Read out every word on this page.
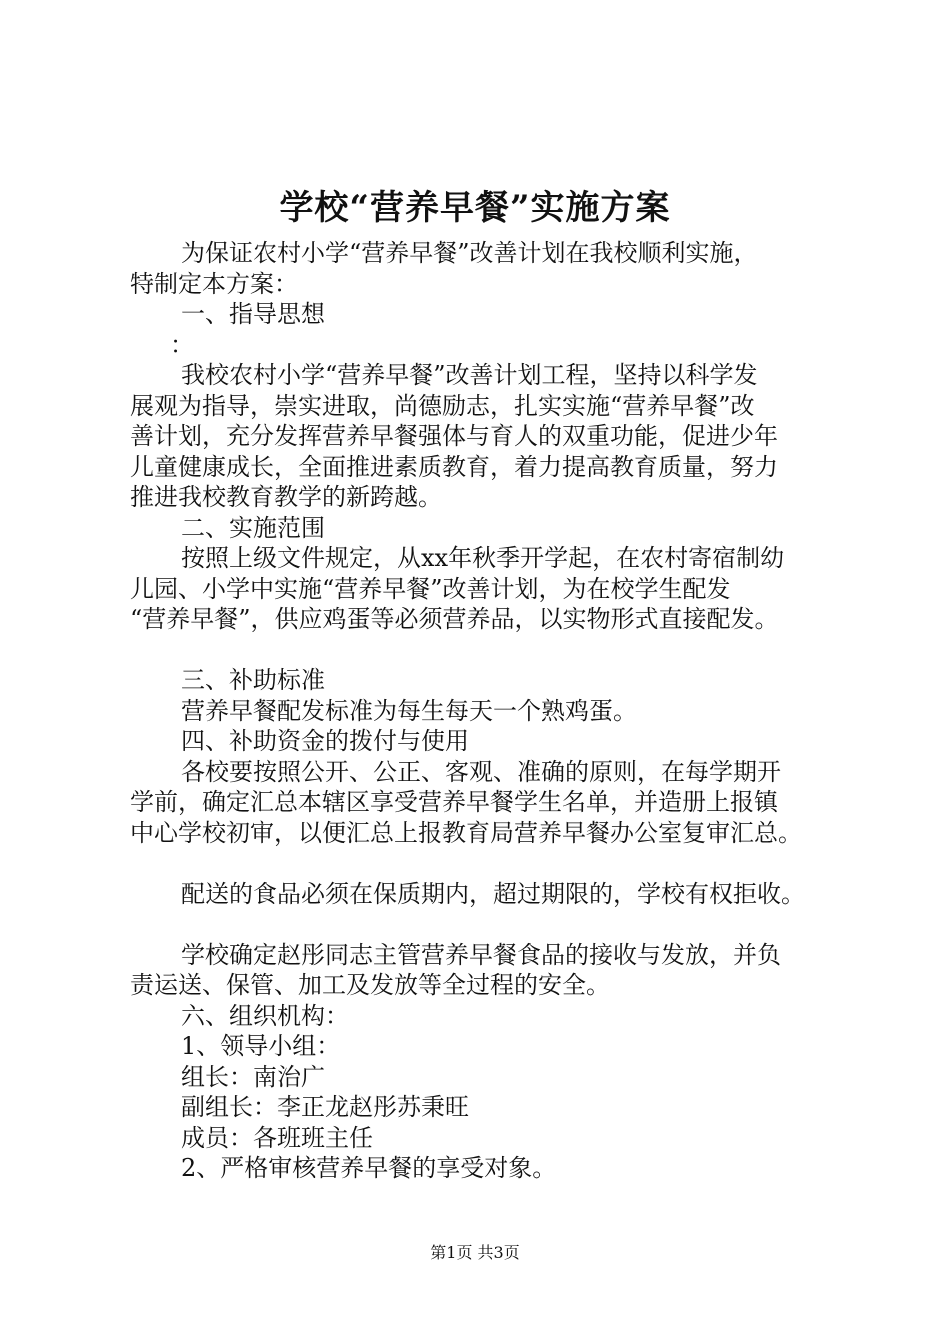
学校“营养早餐”实施方案
为保证农村小学“营养早餐”改善计划在我校顺利实施，
特制定本方案：
一、指导思想
：
我校农村小学“营养早餐”改善计划工程，坚持以科学发
展观为指导，崇实进取，尚德励志，扎实实施“营养早餐”改
善计划，充分发挥营养早餐强体与育人的双重功能，促进少年
儿童健康成长，全面推进素质教育，着力提高教育质量，努力
推进我校教育教学的新跨越。
二、实施范围
按照上级文件规定，从xx年秋季开学起，在农村寄宿制幼
儿园、小学中实施“营养早餐”改善计划，为在校学生配发
“营养早餐”，供应鸡蛋等必须营养品，以实物形式直接配发。
三、补助标准
营养早餐配发标准为每生每天一个熟鸡蛋。
四、补助资金的拨付与使用
各校要按照公开、公正、客观、准确的原则，在每学期开
学前，确定汇总本辖区享受营养早餐学生名单，并造册上报镇
中心学校初审，以便汇总上报教育局营养早餐办公室复审汇总。
配送的食品必须在保质期内，超过期限的，学校有权拒收。
学校确定赵彤同志主管营养早餐食品的接收与发放，并负
责运送、保管、加工及发放等全过程的安全。
六、组织机构：
1、领导小组：
组长：南治广
副组长：李正龙赵彤苏秉旺
成员：各班班主任
2、严格审核营养早餐的享受对象。
第1页 共3页
